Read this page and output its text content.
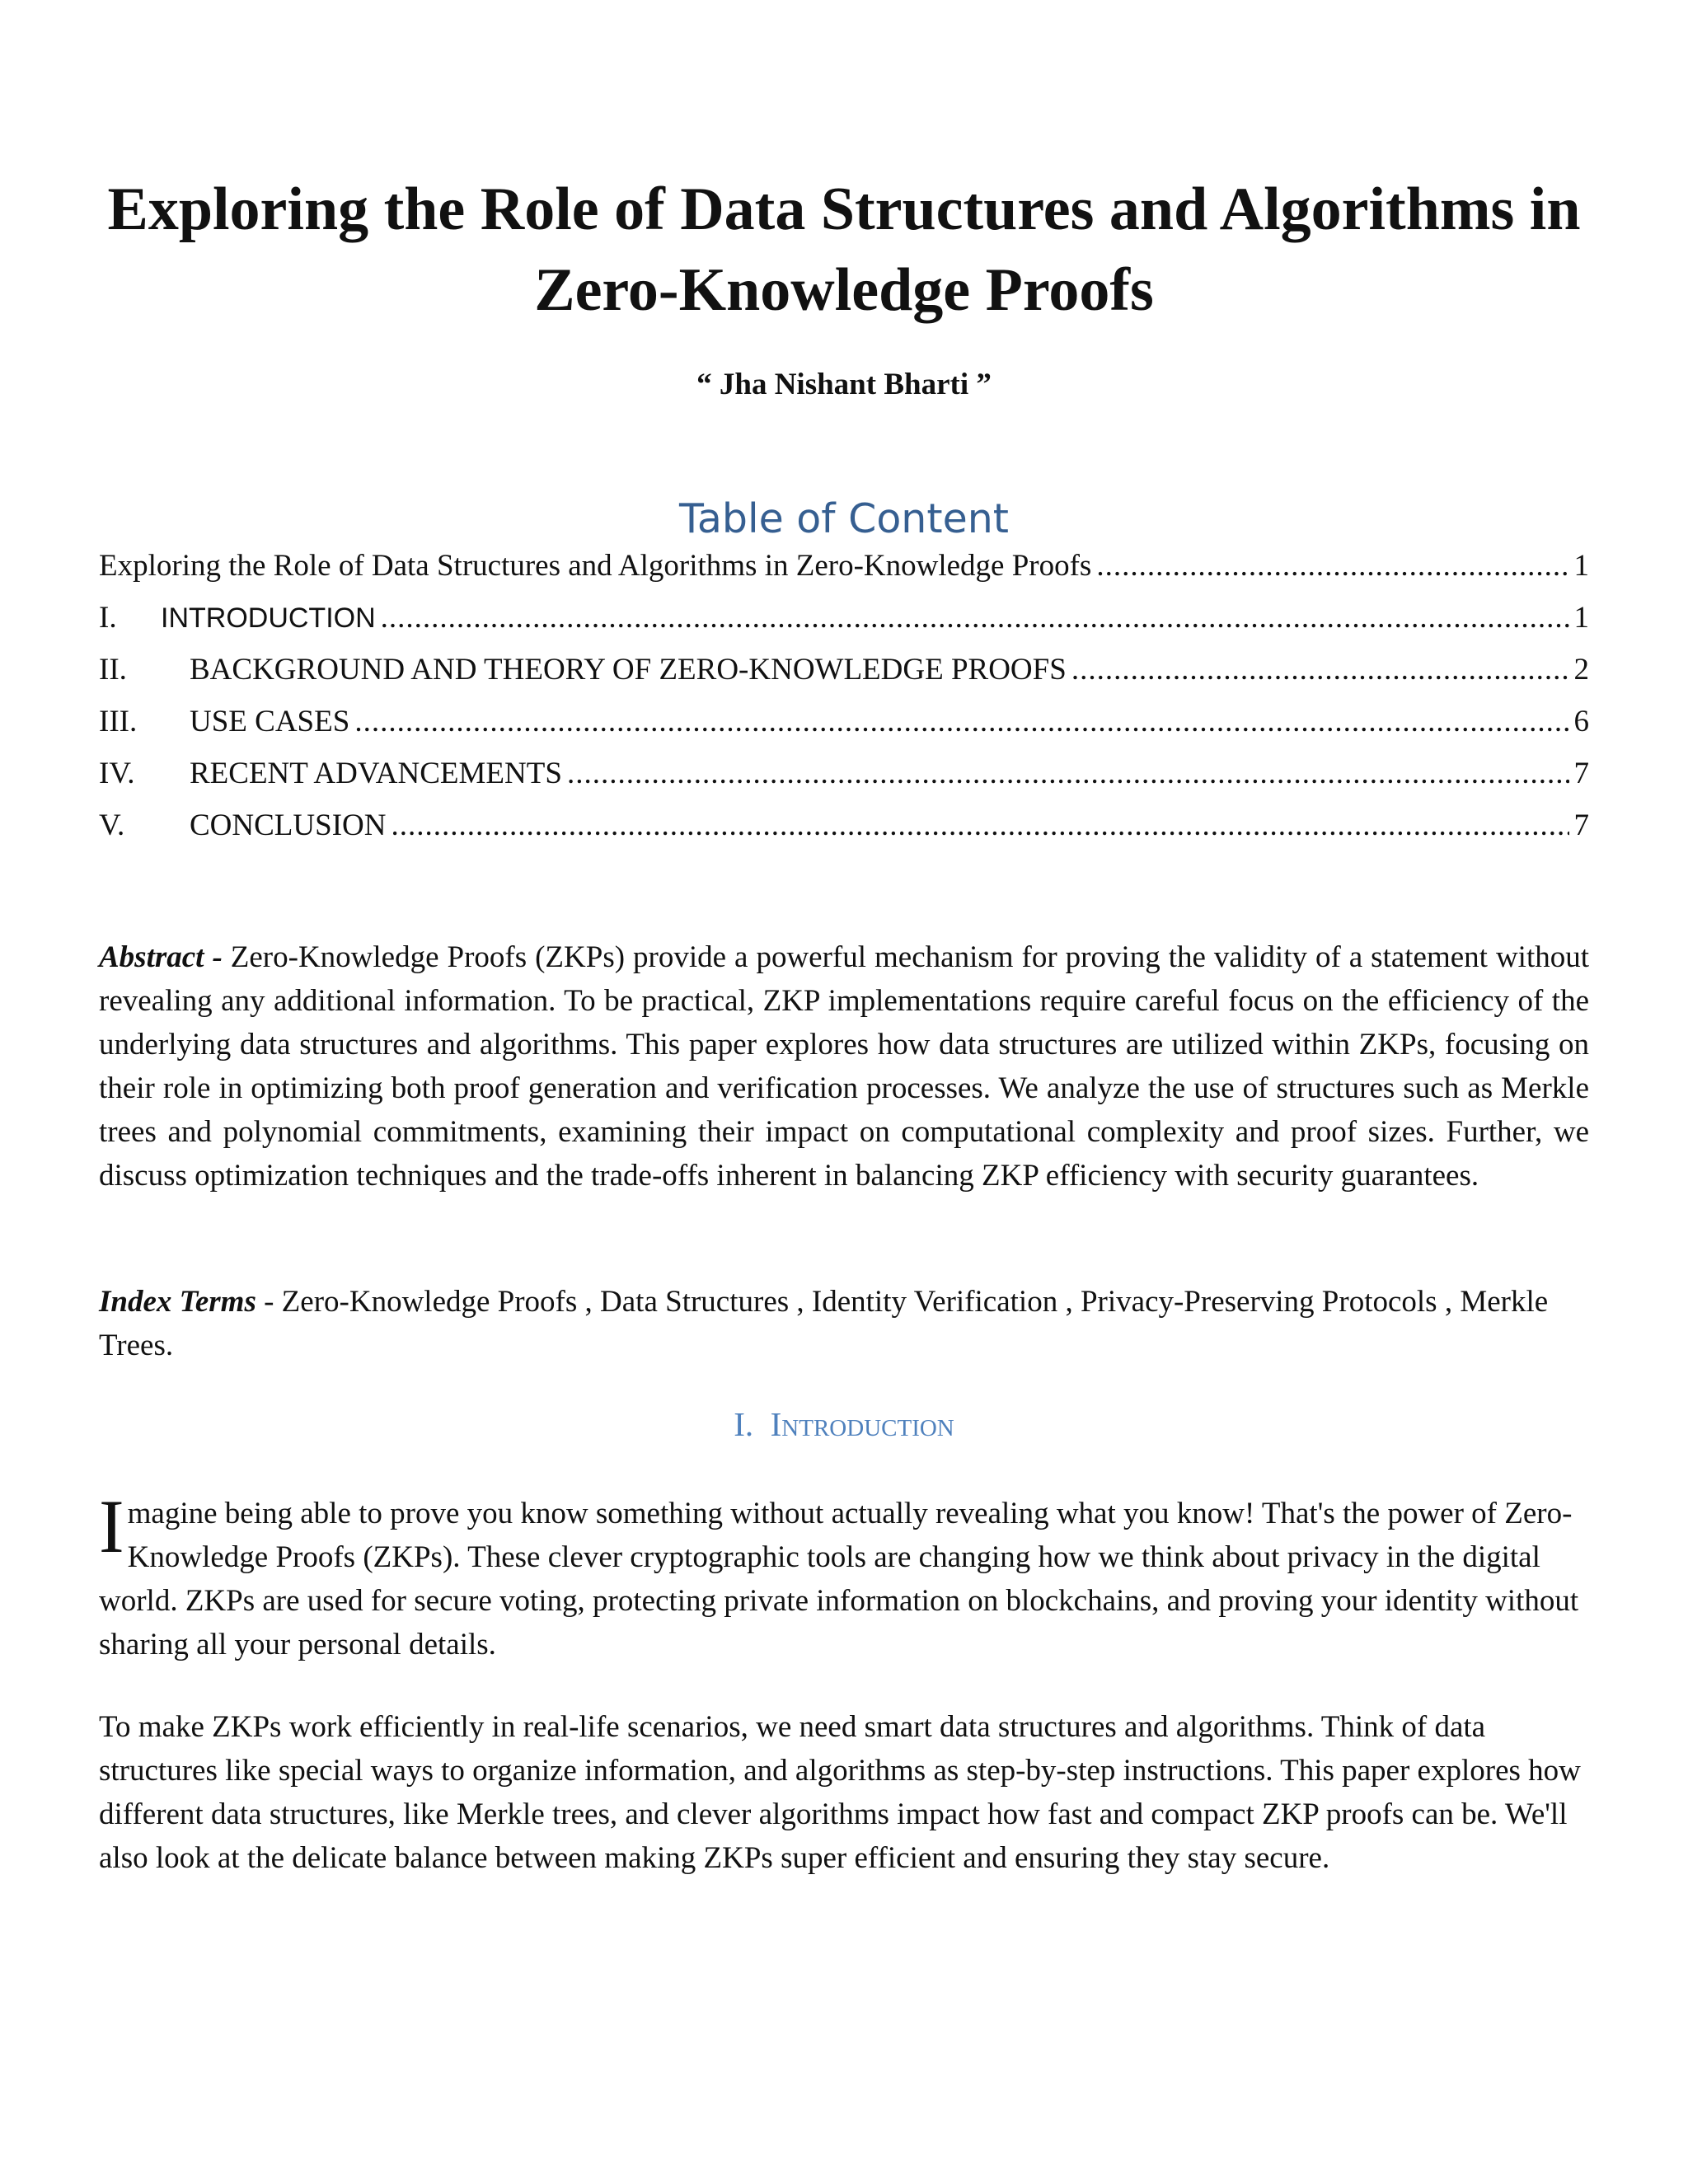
Exploring the Role of Data Structures and Algorithms in Zero-Knowledge Proofs
“ Jha Nishant Bharti ”
Table of Content
Exploring the Role of Data Structures and Algorithms in Zero-Knowledge Proofs .....	1
I.	INTRODUCTION .....	1
II.	BACKGROUND AND THEORY OF ZERO-KNOWLEDGE PROOFS .....	2
III.	USE CASES .....	6
IV.	RECENT ADVANCEMENTS .....	7
V.	CONCLUSION .....	7

Abstract - Zero-Knowledge Proofs (ZKPs) provide a powerful mechanism for proving the validity of a statement without revealing any additional information. To be practical, ZKP implementations require careful focus on the efficiency of the underlying data structures and algorithms. This paper explores how data structures are utilized within ZKPs, focusing on their role in optimizing both proof generation and verification processes. We analyze the use of structures such as Merkle trees and polynomial commitments, examining their impact on computational complexity and proof sizes. Further, we discuss optimization techniques and the trade-offs inherent in balancing ZKP efficiency with security guarantees.

Index Terms - Zero-Knowledge Proofs , Data Structures , Identity Verification , Privacy-Preserving Protocols , Merkle Trees.

I. Introduction

Imagine being able to prove you know something without actually revealing what you know! That's the power of Zero-Knowledge Proofs (ZKPs). These clever cryptographic tools are changing how we think about privacy in the digital world. ZKPs are used for secure voting, protecting private information on blockchains, and proving your identity without sharing all your personal details.

To make ZKPs work efficiently in real-life scenarios, we need smart data structures and algorithms. Think of data structures like special ways to organize information, and algorithms as step-by-step instructions. This paper explores how different data structures, like Merkle trees, and clever algorithms impact how fast and compact ZKP proofs can be. We'll also look at the delicate balance between making ZKPs super efficient and ensuring they stay secure.
